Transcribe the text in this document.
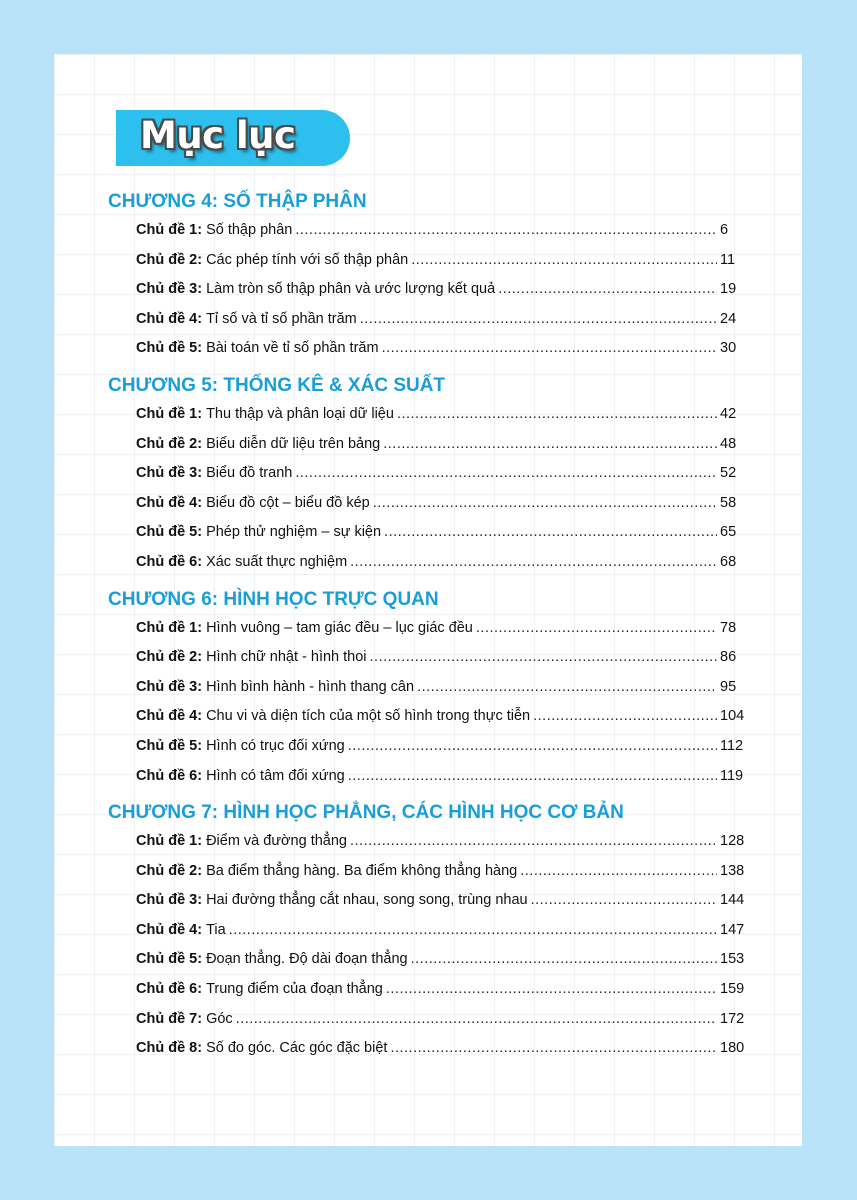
Mục lục
CHƯƠNG 4: SỐ THẬP PHÂN
Chủ đề 1: Số thập phân .....	6
Chủ đề 2: Các phép tính với số thập phân .....	11
Chủ đề 3: Làm tròn số thập phân và ước lượng kết quả .....	19
Chủ đề 4: Tỉ số và tỉ số phần trăm .....	24
Chủ đề 5: Bài toán về tỉ số phần trăm .....	30
CHƯƠNG 5: THỐNG KÊ & XÁC SUẤT
Chủ đề 1: Thu thập và phân loại dữ liệu .....	42
Chủ đề 2: Biểu diễn dữ liệu trên bảng .....	48
Chủ đề 3: Biểu đồ tranh .....	52
Chủ đề 4: Biểu đồ cột – biểu đồ kép .....	58
Chủ đề 5: Phép thử nghiệm – sự kiện .....	65
Chủ đề 6: Xác suất thực nghiệm .....	68
CHƯƠNG 6: HÌNH HỌC TRỰC QUAN
Chủ đề 1: Hình vuông – tam giác đều – lục giác đều .....	78
Chủ đề 2: Hình chữ nhật - hình thoi .....	86
Chủ đề 3: Hình bình hành - hình thang cân .....	95
Chủ đề 4: Chu vi và diện tích của một số hình trong thực tiễn .....	104
Chủ đề 5: Hình có trục đối xứng .....	112
Chủ đề 6: Hình có tâm đối xứng .....	119
CHƯƠNG 7: HÌNH HỌC PHẲNG, CÁC HÌNH HỌC CƠ BẢN
Chủ đề 1: Điểm và đường thẳng .....	128
Chủ đề 2: Ba điểm thẳng hàng. Ba điểm không thẳng hàng .....	138
Chủ đề 3: Hai đường thẳng cắt nhau, song song, trùng nhau .....	144
Chủ đề 4: Tia .....	147
Chủ đề 5: Đoạn thẳng. Độ dài đoạn thẳng .....	153
Chủ đề 6: Trung điểm của đoạn thẳng .....	159
Chủ đề 7: Góc .....	172
Chủ đề 8: Số đo góc. Các góc đặc biệt .....	180
